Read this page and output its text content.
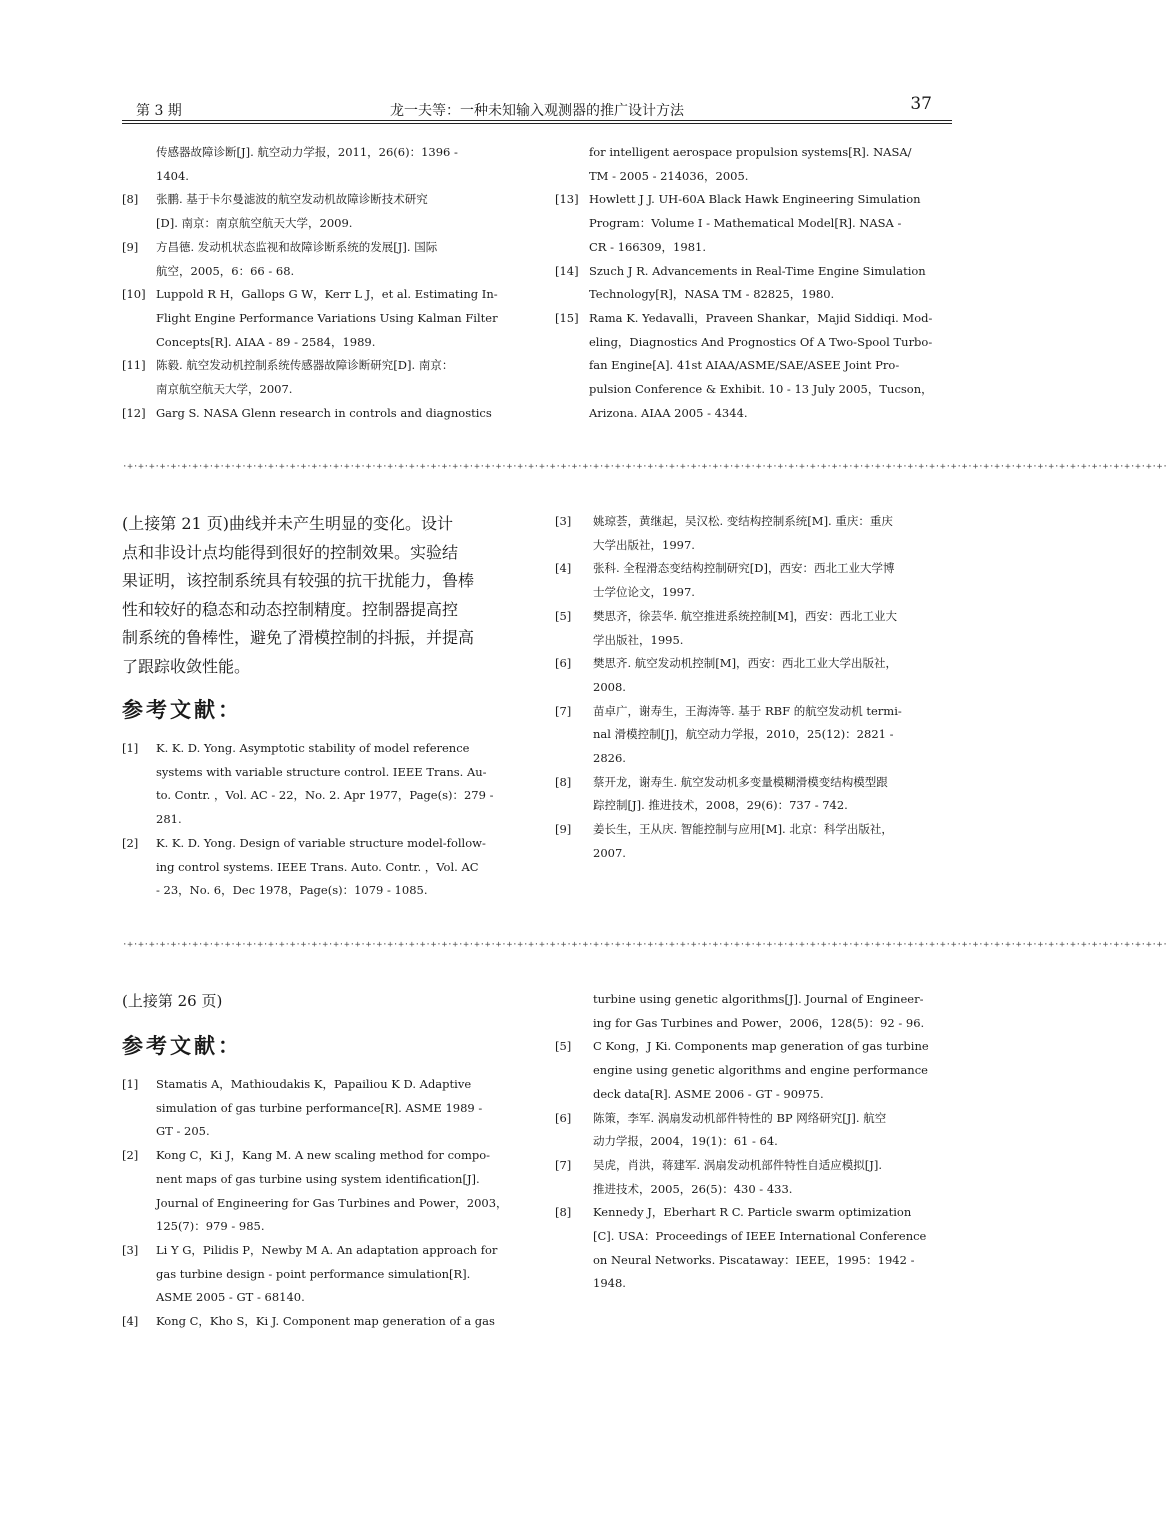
第 3 期	龙一夫等：一种未知输入观测器的推广设计方法	37
传感器故障诊断[J]. 航空动力学报，2011，26(6)：1396 -
1404.
[8] 张鹏. 基于卡尔曼滤波的航空发动机故障诊断技术研究
[D]. 南京：南京航空航天大学，2009.
[9] 方昌德. 发动机状态监视和故障诊断系统的发展[J]. 国际
航空，2005，6：66 - 68.
[10] Luppold R H，Gallops G W，Kerr L J，et al. Estimating In-
Flight Engine Performance Variations Using Kalman Filter
Concepts[R]. AIAA - 89 - 2584，1989.
[11] 陈毅. 航空发动机控制系统传感器故障诊断研究[D]. 南京：
南京航空航天大学，2007.
[12] Garg S. NASA Glenn research in controls and diagnostics
for intelligent aerospace propulsion systems[R]. NASA/
TM - 2005 - 214036，2005.
[13] Howlett J J. UH-60A Black Hawk Engineering Simulation
Program：Volume I - Mathematical Model[R]. NASA -
CR - 166309，1981.
[14] Szuch J R. Advancements in Real-Time Engine Simulation
Technology[R]，NASA TM - 82825，1980.
[15] Rama K. Yedavalli，Praveen Shankar，Majid Siddiqi. Mod-
eling，Diagnostics And Prognostics Of A Two-Spool Turbo-
fan Engine[A]. 41st AIAA/ASME/SAE/ASEE Joint Pro-
pulsion Conference & Exhibit. 10 - 13 July 2005，Tucson，
Arizona. AIAA 2005 - 4344.
·+·+·+·+·+·+·+·+·+·+·+·+·+·+·+·+·+·+·+·+·+·+·+·+·+·+·+·+·+·+·+·+·+·+·+·+·+·+·+·+·+·+·+·+·+·+·+·+·+·+·+·+·+·+·+·+·+·+·+·+·+·+·+·+·+·+·+·+·+·+·+·+·+·+·+·+·+·+·+·+·+·+·+·+·+·+·+·+·+·+·+·+·+·+·+·+·
(上接第 21 页)曲线并未产生明显的变化。设计
点和非设计点均能得到很好的控制效果。实验结
果证明，该控制系统具有较强的抗干扰能力，鲁棒
性和较好的稳态和动态控制精度。控制器提高控
制系统的鲁棒性，避免了滑模控制的抖振，并提高
了跟踪收敛性能。
参考文献：
[1] K. K. D. Yong. Asymptotic stability of model reference
systems with variable structure control. IEEE Trans. Au-
to. Contr. ，Vol. AC - 22，No. 2. Apr 1977，Page(s)：279 -
281.
[2] K. K. D. Yong. Design of variable structure model-follow-
ing control systems. IEEE Trans. Auto. Contr. ，Vol. AC
- 23，No. 6，Dec 1978，Page(s)：1079 - 1085.
[3] 姚琼荟，黄继起，吴汉松. 变结构控制系统[M]. 重庆：重庆
大学出版社，1997.
[4] 张科. 全程滑态变结构控制研究[D]，西安：西北工业大学博
士学位论文，1997.
[5] 樊思齐，徐芸华. 航空推进系统控制[M]，西安：西北工业大
学出版社，1995.
[6] 樊思齐. 航空发动机控制[M]，西安：西北工业大学出版社，
2008.
[7] 苗卓广，谢寿生，王海涛等. 基于 RBF 的航空发动机 termi-
nal 滑模控制[J]，航空动力学报，2010，25(12)：2821 -
2826.
[8] 蔡开龙，谢寿生. 航空发动机多变量模糊滑模变结构模型跟
踪控制[J]. 推进技术，2008，29(6)：737 - 742.
[9] 姜长生，王从庆. 智能控制与应用[M]. 北京：科学出版社，
2007.
·+·+·+·+·+·+·+·+·+·+·+·+·+·+·+·+·+·+·+·+·+·+·+·+·+·+·+·+·+·+·+·+·+·+·+·+·+·+·+·+·+·+·+·+·+·+·+·+·+·+·+·+·+·+·+·+·+·+·+·+·+·+·+·+·+·+·+·+·+·+·+·+·+·+·+·+·+·+·+·+·+·+·+·+·+·+·+·+·+·+·+·+·+·+·+·+·
(上接第 26 页)
参考文献：
[1] Stamatis A，Mathioudakis K，Papailiou K D. Adaptive
simulation of gas turbine performance[R]. ASME 1989 -
GT - 205.
[2] Kong C，Ki J，Kang M. A new scaling method for compo-
nent maps of gas turbine using system identification[J].
Journal of Engineering for Gas Turbines and Power，2003，
125(7)：979 - 985.
[3] Li Y G，Pilidis P，Newby M A. An adaptation approach for
gas turbine design - point performance simulation[R].
ASME 2005 - GT - 68140.
[4] Kong C，Kho S，Ki J. Component map generation of a gas
turbine using genetic algorithms[J]. Journal of Engineer-
ing for Gas Turbines and Power，2006，128(5)：92 - 96.
[5] C Kong，J Ki. Components map generation of gas turbine
engine using genetic algorithms and engine performance
deck data[R]. ASME 2006 - GT - 90975.
[6] 陈策，李军. 涡扇发动机部件特性的 BP 网络研究[J]. 航空
动力学报，2004，19(1)：61 - 64.
[7] 吴虎，肖洪，蒋建军. 涡扇发动机部件特性自适应模拟[J].
推进技术，2005，26(5)：430 - 433.
[8] Kennedy J，Eberhart R C. Particle swarm optimization
[C]. USA：Proceedings of IEEE International Conference
on Neural Networks. Piscataway：IEEE，1995：1942 -
1948.
